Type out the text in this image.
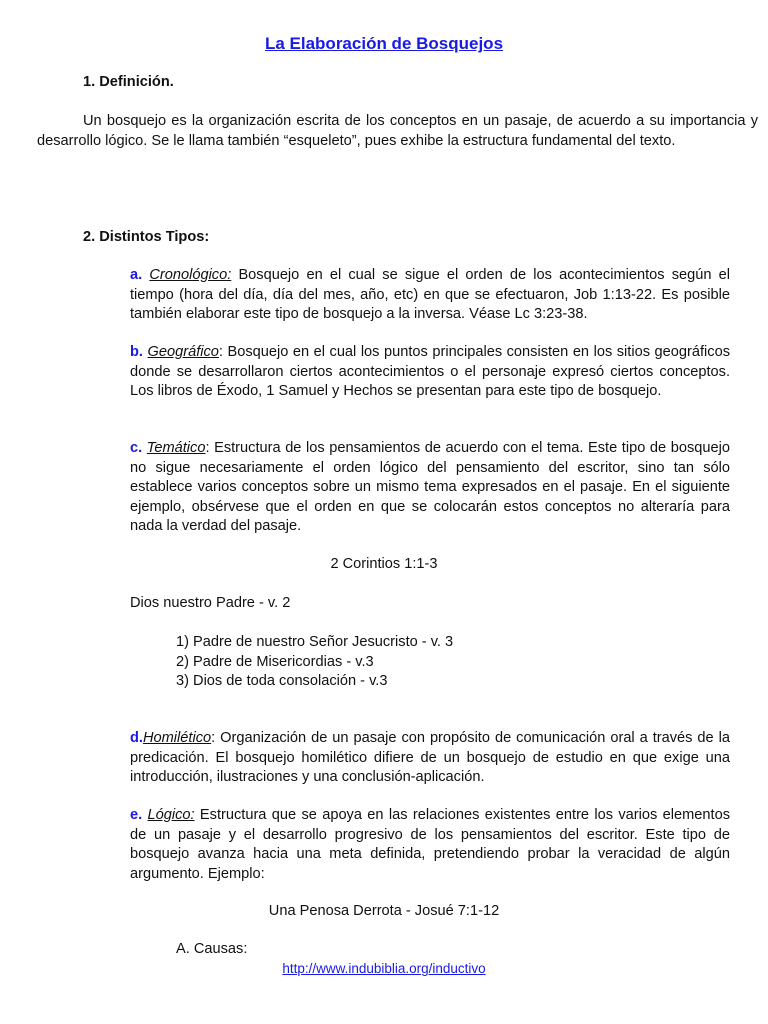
La Elaboración de Bosquejos
1. Definición.
Un bosquejo es la organización escrita de los conceptos en un pasaje, de acuerdo a su importancia y desarrollo lógico. Se le llama también “esqueleto”, pues exhibe la estructura fundamental del texto.
2. Distintos Tipos:
a. Cronológico: Bosquejo en el cual se sigue el orden de los acontecimientos según el tiempo (hora del día, día del mes, año, etc) en que se efectuaron, Job 1:13-22. Es posible también elaborar este tipo de bosquejo a la inversa. Véase Lc 3:23-38.
b. Geográfico: Bosquejo en el cual los puntos principales consisten en los sitios geográficos donde se desarrollaron ciertos acontecimientos o el personaje expresó ciertos conceptos. Los libros de Éxodo, 1 Samuel y Hechos se presentan para este tipo de bosquejo.
c. Temático: Estructura de los pensamientos de acuerdo con el tema. Este tipo de bosquejo no sigue necesariamente el orden lógico del pensamiento del escritor, sino tan sólo establece varios conceptos sobre un mismo tema expresados en el pasaje. En el siguiente ejemplo, obsérvese que el orden en que se colocarán estos conceptos no alteraría para nada la verdad del pasaje.
2 Corintios 1:1-3
Dios nuestro Padre - v. 2
1) Padre de nuestro Señor Jesucristo - v. 3
2) Padre de Misericordias - v.3
3) Dios de toda consolación - v.3
d.Homilético: Organización de un pasaje con propósito de comunicación oral a través de la predicación. El bosquejo homilético difiere de un bosquejo de estudio en que exige una introducción, ilustraciones y una conclusión-aplicación.
e. Lógico: Estructura que se apoya en las relaciones existentes entre los varios elementos de un pasaje y el desarrollo progresivo de los pensamientos del escritor. Este tipo de bosquejo avanza hacia una meta definida, pretendiendo probar la veracidad de algún argumento. Ejemplo:
Una Penosa Derrota - Josué 7:1-12
A. Causas:
http://www.indubiblia.org/inductivo
